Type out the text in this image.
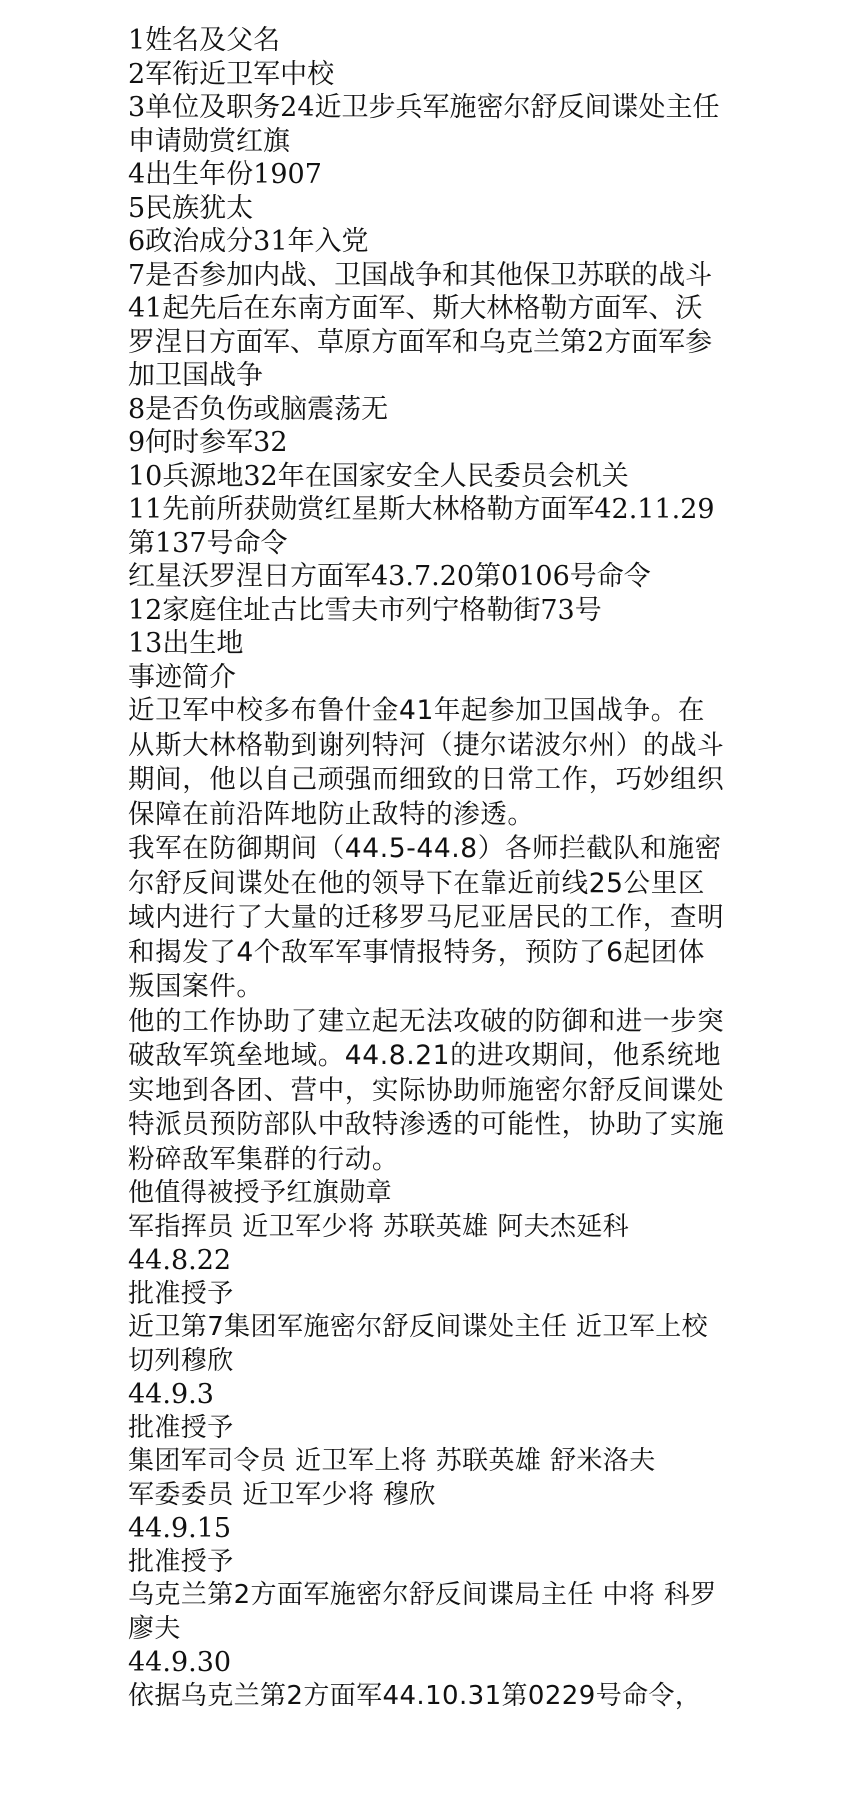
1姓名及父名
2军衔近卫军中校
3单位及职务24近卫步兵军施密尔舒反间谍处主任
申请勋赏红旗
4出生年份1907
5民族犹太
6政治成分31年入党
7是否参加内战、卫国战争和其他保卫苏联的战斗41起先后在东南方面军、斯大林格勒方面军、沃罗涅日方面军、草原方面军和乌克兰第2方面军参加卫国战争
8是否负伤或脑震荡无
9何时参军32
10兵源地32年在国家安全人民委员会机关
11先前所获勋赏红星斯大林格勒方面军42.11.29第137号命令
红星沃罗涅日方面军43.7.20第0106号命令
12家庭住址古比雪夫市列宁格勒街73号
13出生地
事迹简介
近卫军中校多布鲁什金41年起参加卫国战争。在从斯大林格勒到谢列特河（捷尔诺波尔州）的战斗期间，他以自己顽强而细致的日常工作，巧妙组织保障在前沿阵地防止敌特的渗透。
我军在防御期间（44.5-44.8）各师拦截队和施密尔舒反间谍处在他的领导下在靠近前线25公里区域内进行了大量的迁移罗马尼亚居民的工作，查明和揭发了4个敌军军事情报特务，预防了6起团体叛国案件。
他的工作协助了建立起无法攻破的防御和进一步突破敌军筑垒地域。44.8.21的进攻期间，他系统地实地到各团、营中，实际协助师施密尔舒反间谍处特派员预防部队中敌特渗透的可能性，协助了实施粉碎敌军集群的行动。
他值得被授予红旗勋章
军指挥员 近卫军少将 苏联英雄 阿夫杰延科
44.8.22
批准授予
近卫第7集团军施密尔舒反间谍处主任 近卫军上校 切列穆欣
44.9.3
批准授予
集团军司令员 近卫军上将 苏联英雄 舒米洛夫
军委委员 近卫军少将 穆欣
44.9.15
批准授予
乌克兰第2方面军施密尔舒反间谍局主任 中将 科罗廖夫
44.9.30
依据乌克兰第2方面军44.10.31第0229号命令，
